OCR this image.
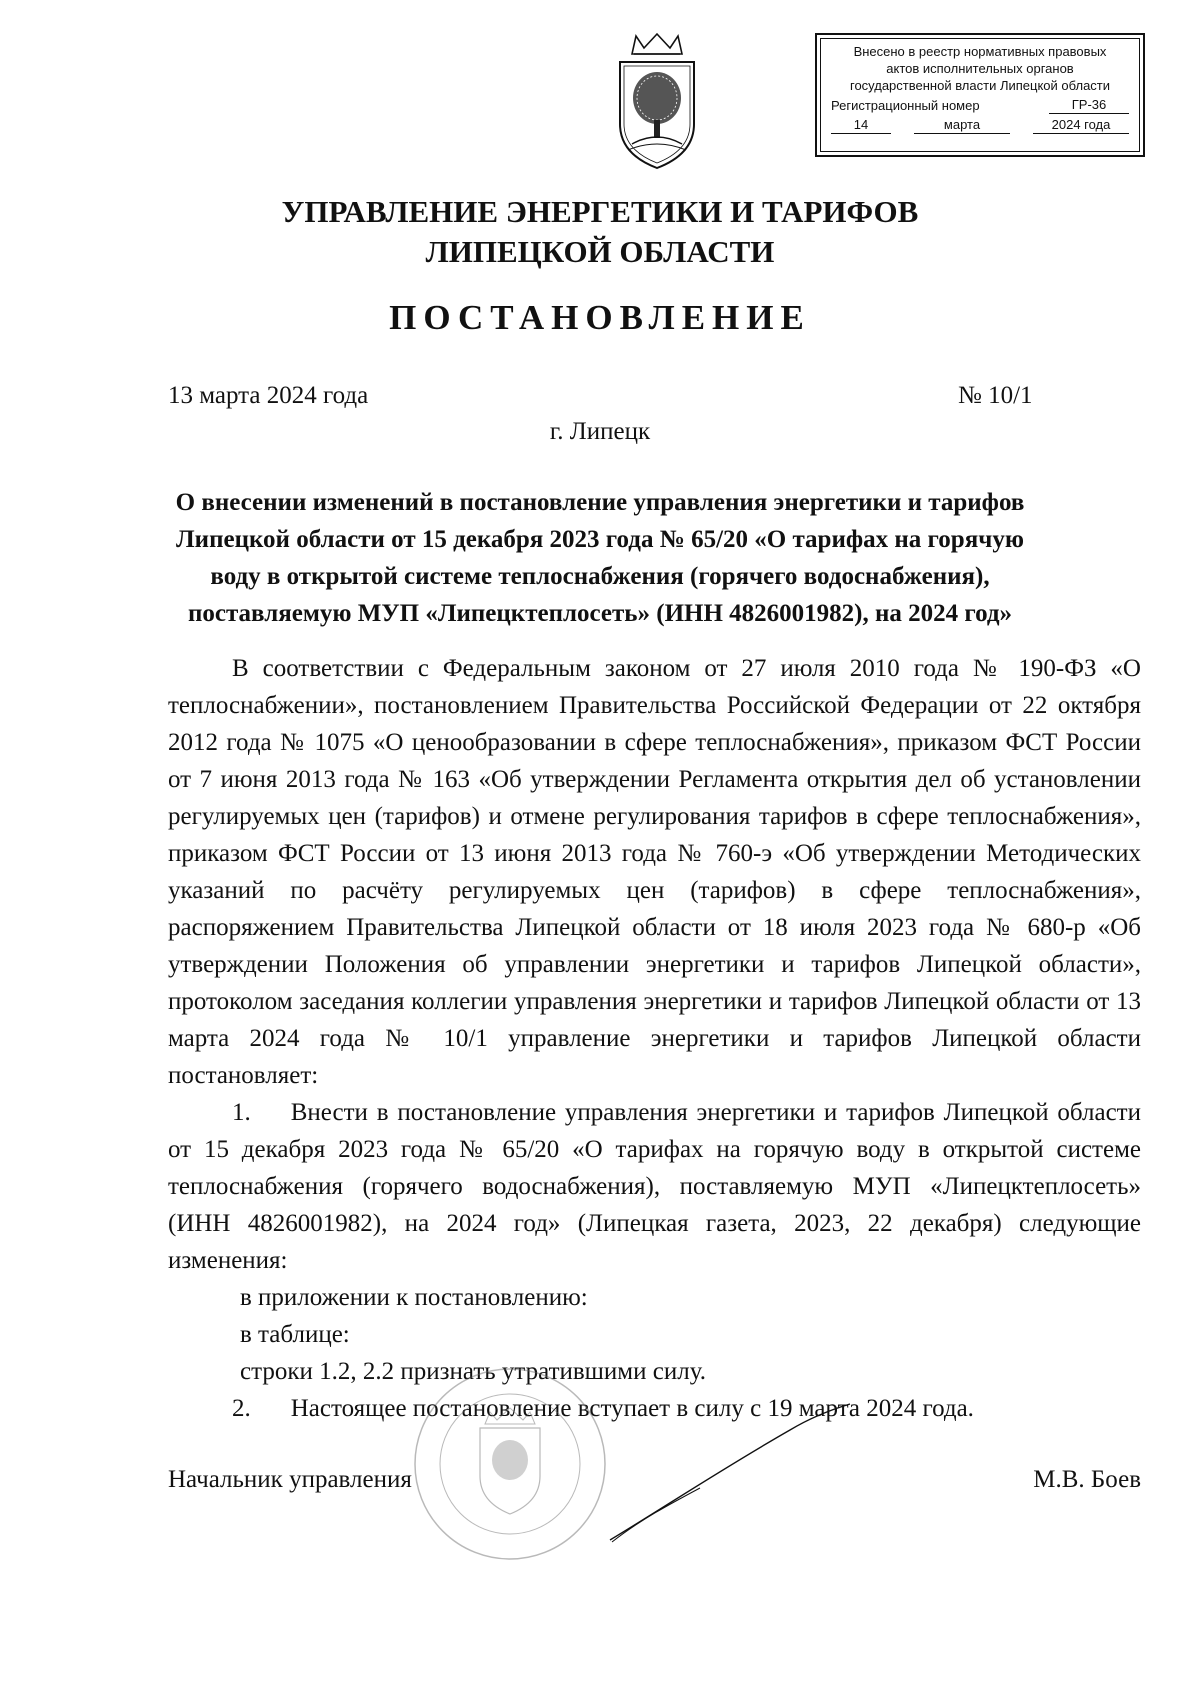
Внесено в реестр нормативных правовых
актов исполнительных органов
государственной власти Липецкой области
Регистрационный номер	ГР-36
14	марта	2024 года
УПРАВЛЕНИЕ ЭНЕРГЕТИКИ И ТАРИФОВ
ЛИПЕЦКОЙ ОБЛАСТИ
ПОСТАНОВЛЕНИЕ
13 марта 2024 года	№ 10/1
г. Липецк
О внесении изменений в постановление управления энергетики и тарифов Липецкой области от 15 декабря 2023 года № 65/20 «О тарифах на горячую воду в открытой системе теплоснабжения (горячего водоснабжения), поставляемую МУП «Липецктеплосеть» (ИНН 4826001982), на 2024 год»

В соответствии с Федеральным законом от 27 июля 2010 года № 190-ФЗ «О теплоснабжении», постановлением Правительства Российской Федерации от 22 октября 2012 года № 1075 «О ценообразовании в сфере теплоснабжения», приказом ФСТ России от 7 июня 2013 года № 163 «Об утверждении Регламента открытия дел об установлении регулируемых цен (тарифов) и отмене регулирования тарифов в сфере теплоснабжения», приказом ФСТ России от 13 июня 2013 года № 760-э «Об утверждении Методических указаний по расчёту регулируемых цен (тарифов) в сфере теплоснабжения», распоряжением Правительства Липецкой области от 18 июля 2023 года № 680-р «Об утверждении Положения об управлении энергетики и тарифов Липецкой области», протоколом заседания коллегии управления энергетики и тарифов Липецкой области от 13 марта 2024 года № 10/1 управление энергетики и тарифов Липецкой области постановляет:

1. Внести в постановление управления энергетики и тарифов Липецкой области от 15 декабря 2023 года № 65/20 «О тарифах на горячую воду в открытой системе теплоснабжения (горячего водоснабжения), поставляемую МУП «Липецктеплосеть» (ИНН 4826001982), на 2024 год» (Липецкая газета, 2023, 22 декабря) следующие изменения:

в приложении к постановлению:

в таблице:

строки 1.2, 2.2 признать утратившими силу.

2. Настоящее постановление вступает в силу с 19 марта 2024 года.

Начальник управления	М.В. Боев
